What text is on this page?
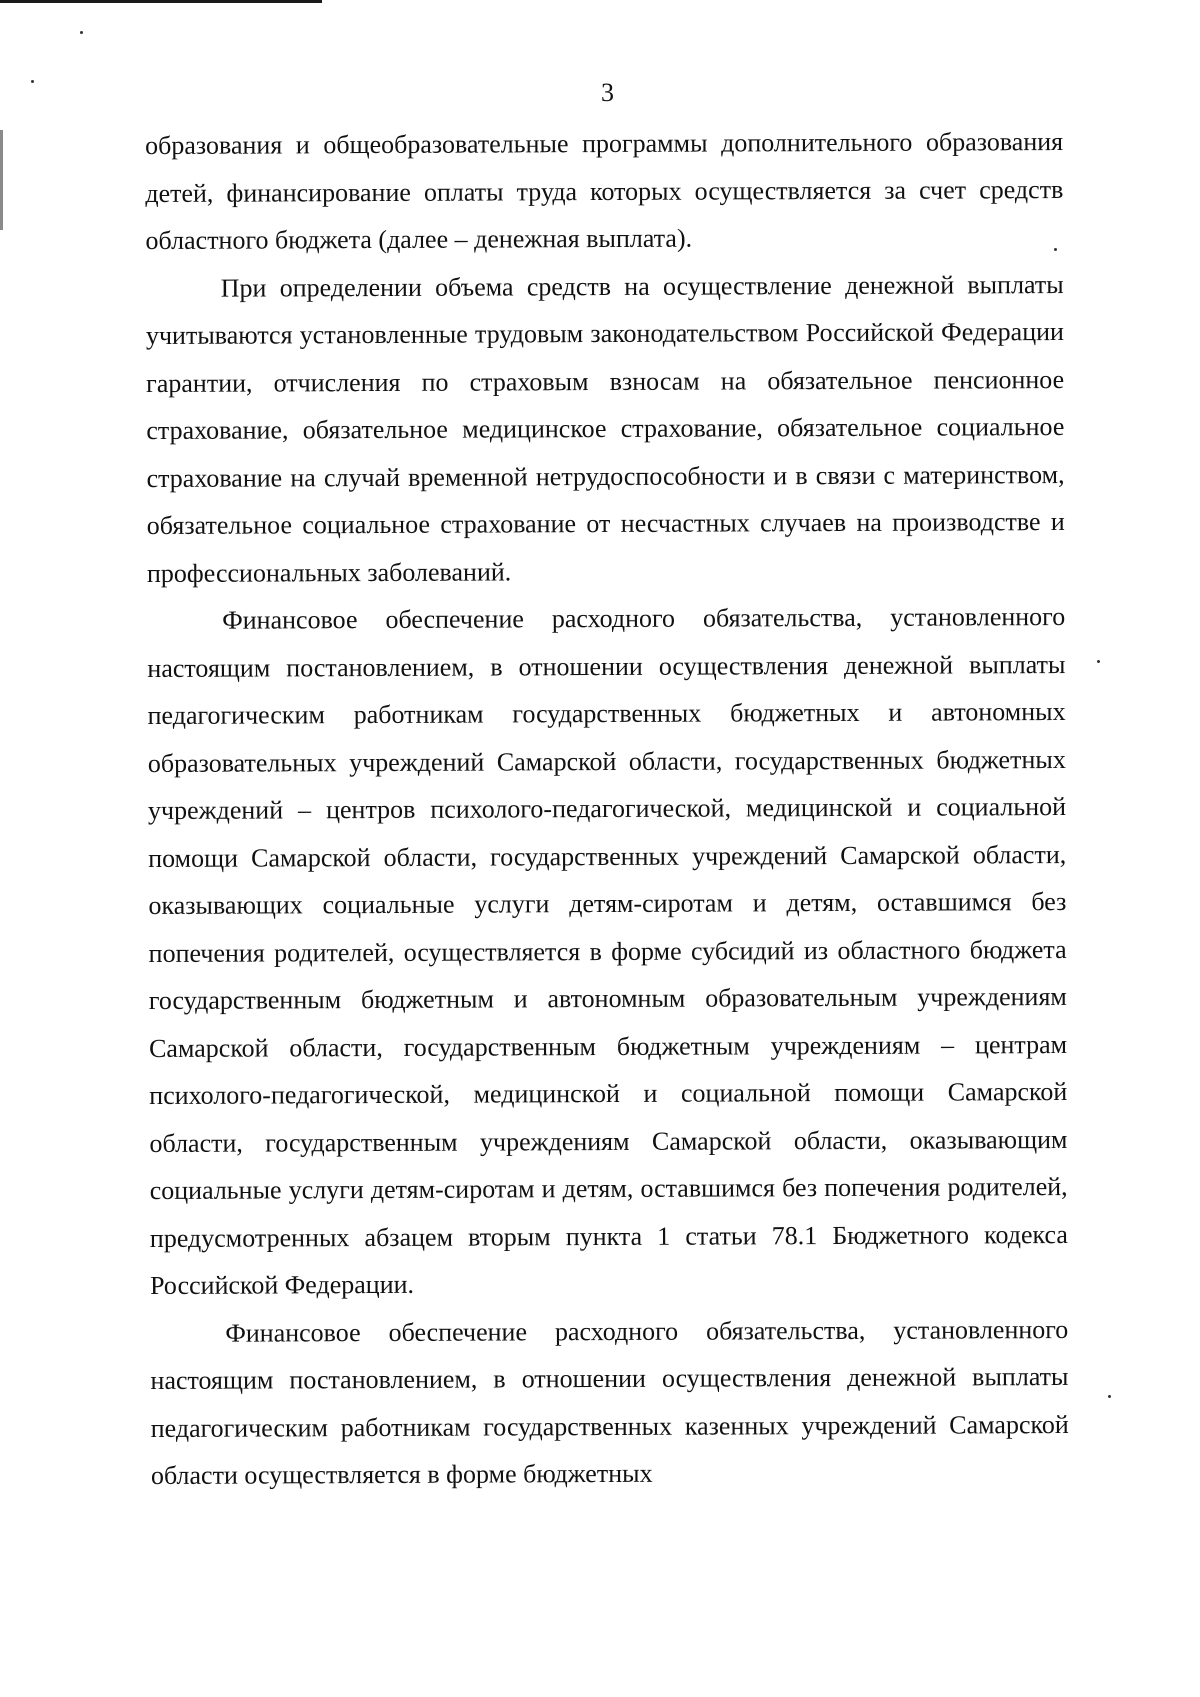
3

образования и общеобразовательные программы дополнительного образования детей, финансирование оплаты труда которых осуществляется за счет средств областного бюджета (далее – денежная выплата).

При определении объема средств на осуществление денежной выплаты учитываются установленные трудовым законодательством Российской Федерации гарантии, отчисления по страховым взносам на обязательное пенсионное страхование, обязательное медицинское страхование, обязательное социальное страхование на случай временной нетрудоспособности и в связи с материнством, обязательное социальное страхование от несчастных случаев на производстве и профессиональных заболеваний.

Финансовое обеспечение расходного обязательства, установленного настоящим постановлением, в отношении осуществления денежной выплаты педагогическим работникам государственных бюджетных и автономных образовательных учреждений Самарской области, государственных бюджетных учреждений – центров психолого-педагогической, медицинской и социальной помощи Самарской области, государственных учреждений Самарской области, оказывающих социальные услуги детям-сиротам и детям, оставшимся без попечения родителей, осуществляется в форме субсидий из областного бюджета государственным бюджетным и автономным образовательным учреждениям Самарской области, государственным бюджетным учреждениям – центрам психолого-педагогической, медицинской и социальной помощи Самарской области, государственным учреждениям Самарской области, оказывающим социальные услуги детям-сиротам и детям, оставшимся без попечения родителей, предусмотренных абзацем вторым пункта 1 статьи 78.1 Бюджетного кодекса Российской Федерации.

Финансовое обеспечение расходного обязательства, установленного настоящим постановлением, в отношении осуществления денежной выплаты педагогическим работникам государственных казенных учреждений Самарской области осуществляется в форме бюджетных
